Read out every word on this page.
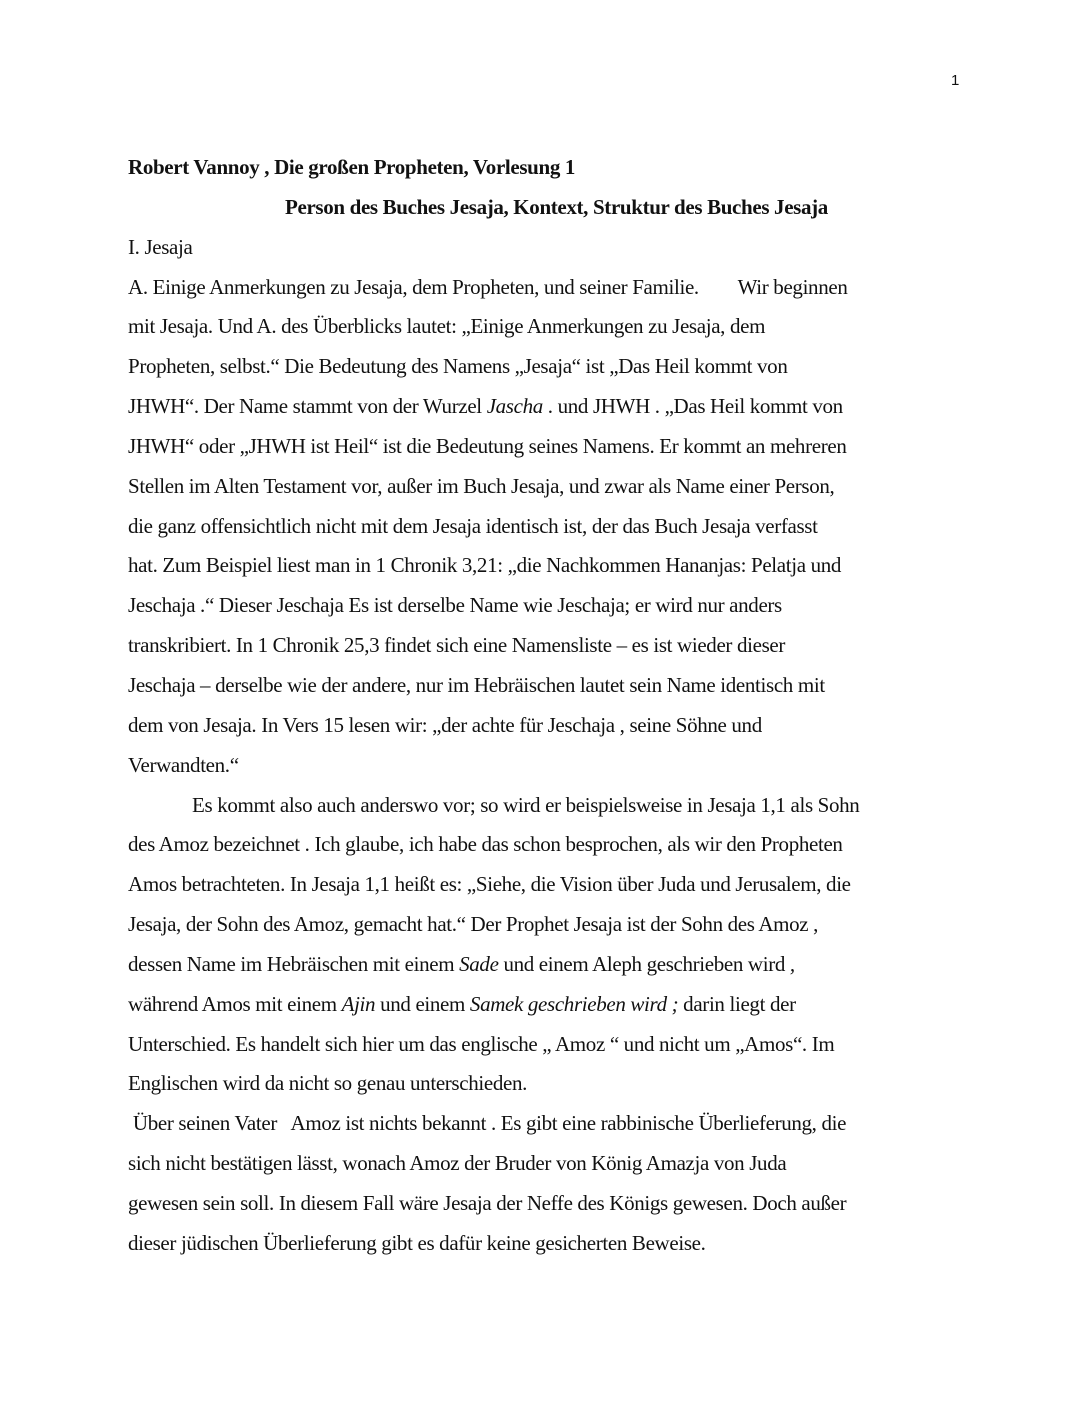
1
Robert Vannoy , Die großen Propheten, Vorlesung 1
Person des Buches Jesaja, Kontext, Struktur des Buches Jesaja
I. Jesaja
A. Einige Anmerkungen zu Jesaja, dem Propheten, und seiner Familie.        Wir beginnen
mit Jesaja. Und A. des Überblicks lautet: „Einige Anmerkungen zu Jesaja, dem
Propheten, selbst.“ Die Bedeutung des Namens „Jesaja“ ist „Das Heil kommt von
JHWH“. Der Name stammt von der Wurzel Jascha . und JHWH . „Das Heil kommt von
JHWH“ oder „JHWH ist Heil“ ist die Bedeutung seines Namens. Er kommt an mehreren
Stellen im Alten Testament vor, außer im Buch Jesaja, und zwar als Name einer Person,
die ganz offensichtlich nicht mit dem Jesaja identisch ist, der das Buch Jesaja verfasst
hat. Zum Beispiel liest man in 1 Chronik 3,21: „die Nachkommen Hananjas: Pelatja und
Jeschaja .“ Dieser Jeschaja Es ist derselbe Name wie Jeschaja; er wird nur anders
transkribiert. In 1 Chronik 25,3 findet sich eine Namensliste – es ist wieder dieser
Jeschaja – derselbe wie der andere, nur im Hebräischen lautet sein Name identisch mit
dem von Jesaja. In Vers 15 lesen wir: „der achte für Jeschaja , seine Söhne und
Verwandten.“
Es kommt also auch anderswo vor; so wird er beispielsweise in Jesaja 1,1 als Sohn
des Amoz bezeichnet . Ich glaube, ich habe das schon besprochen, als wir den Propheten
Amos betrachteten. In Jesaja 1,1 heißt es: „Siehe, die Vision über Juda und Jerusalem, die
Jesaja, der Sohn des Amoz, gemacht hat.“ Der Prophet Jesaja ist der Sohn des Amoz ,
dessen Name im Hebräischen mit einem Sade und einem Aleph geschrieben wird ,
während Amos mit einem Ajin und einem Samek geschrieben wird ; darin liegt der
Unterschied. Es handelt sich hier um das englische „ Amoz “ und nicht um „Amos“. Im
Englischen wird da nicht so genau unterschieden.
Über seinen Vater   Amoz ist nichts bekannt . Es gibt eine rabbinische Überlieferung, die
sich nicht bestätigen lässt, wonach Amoz der Bruder von König Amazja von Juda
gewesen sein soll. In diesem Fall wäre Jesaja der Neffe des Königs gewesen. Doch außer
dieser jüdischen Überlieferung gibt es dafür keine gesicherten Beweise.
